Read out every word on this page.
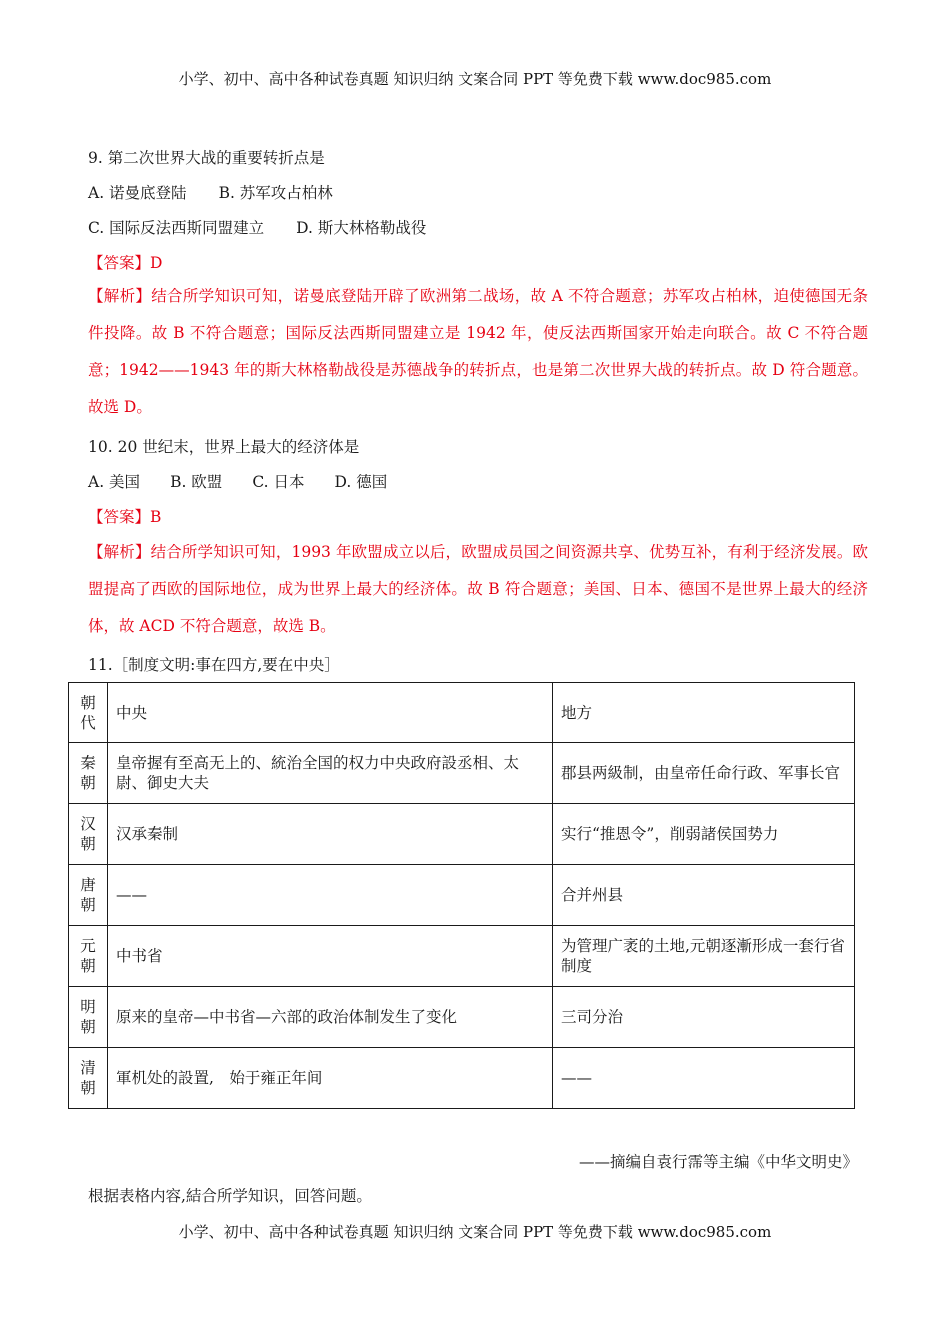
小学、初中、高中各种试卷真题 知识归纳 文案合同 PPT 等免费下载 www.doc985.com
9. 第二次世界大战的重要转折点是
A. 诺曼底登陆 B. 苏军攻占柏林
C. 国际反法西斯同盟建立 D. 斯大林格勒战役
【答案】D
【解析】结合所学知识可知，诺曼底登陆开辟了欧洲第二战场，故 A 不符合题意；苏军攻占柏林，迫使德国无条件投降。故 B 不符合题意；国际反法西斯同盟建立是 1942 年，使反法西斯国家开始走向联合。故 C 不符合题意；1942——1943 年的斯大林格勒战役是苏德战争的转折点，也是第二次世界大战的转折点。故 D 符合题意。故选 D。
10. 20 世纪末，世界上最大的经济体是
A. 美国 B. 欧盟 C. 日本 D. 德国
【答案】B
【解析】结合所学知识可知，1993 年欧盟成立以后，欧盟成员国之间资源共享、优势互补，有利于经济发展。欧盟提高了西欧的国际地位，成为世界上最大的经济体。故 B 符合题意；美国、日本、德国不是世界上最大的经济体，故 ACD 不符合题意，故选 B。
11.［制度文明:事在四方,要在中央］
朝代	中央	地方
秦朝	皇帝握有至高无上的、統治全国的权力中央政府設丞相、太尉、御史大夫	郡县两級制，由皇帝任命行政、军事长官
汉朝	汉承秦制	实行“推恩令”，削弱諸侯国势力
唐朝	——	合并州县
元朝	中书省	为管理广袤的土地,元朝逐漸形成一套行省制度
明朝	原来的皇帝—中书省—六部的政治体制发生了变化	三司分治
清朝	軍机处的設置,　始于雍正年间	——
——摘编自袁行霈等主编《中华文明史》
根据表格内容,結合所学知识，回答问题。
小学、初中、高中各种试卷真题 知识归纳 文案合同 PPT 等免费下载 www.doc985.com
